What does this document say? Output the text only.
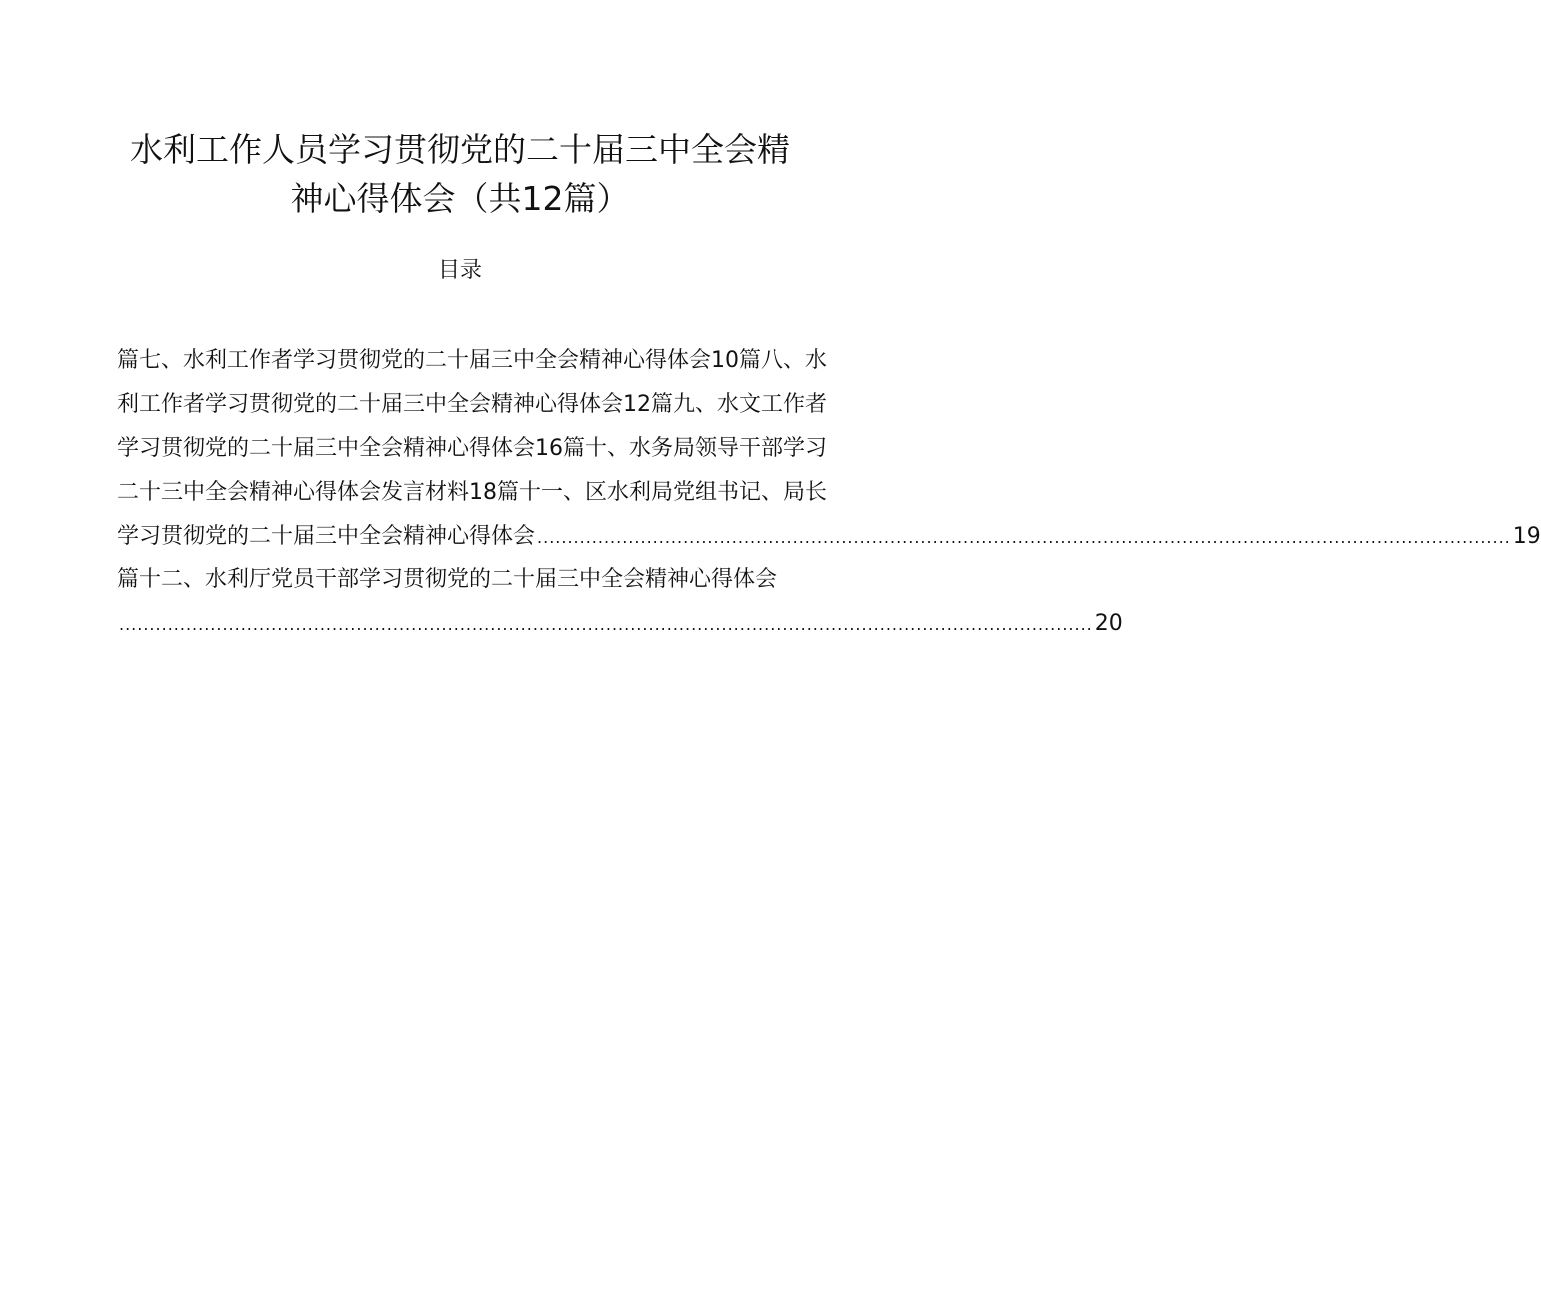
水利工作人员学习贯彻党的二十届三中全会精
神心得体会（共12篇）
目录
篇七、水利工作者学习贯彻党的二十届三中全会精神心得体会10篇八、水
利工作者学习贯彻党的二十届三中全会精神心得体会12篇九、水文工作者
学习贯彻党的二十届三中全会精神心得体会16篇十、水务局领导干部学习
二十三中全会精神心得体会发言材料18篇十一、区水利局党组书记、局长
学习贯彻党的二十届三中全会精神心得体会 ................................................................................................................................................................ 19
篇十二、水利厅党员干部学习贯彻党的二十届三中全会精神心得体会
................................................................................................................................................................ 20
